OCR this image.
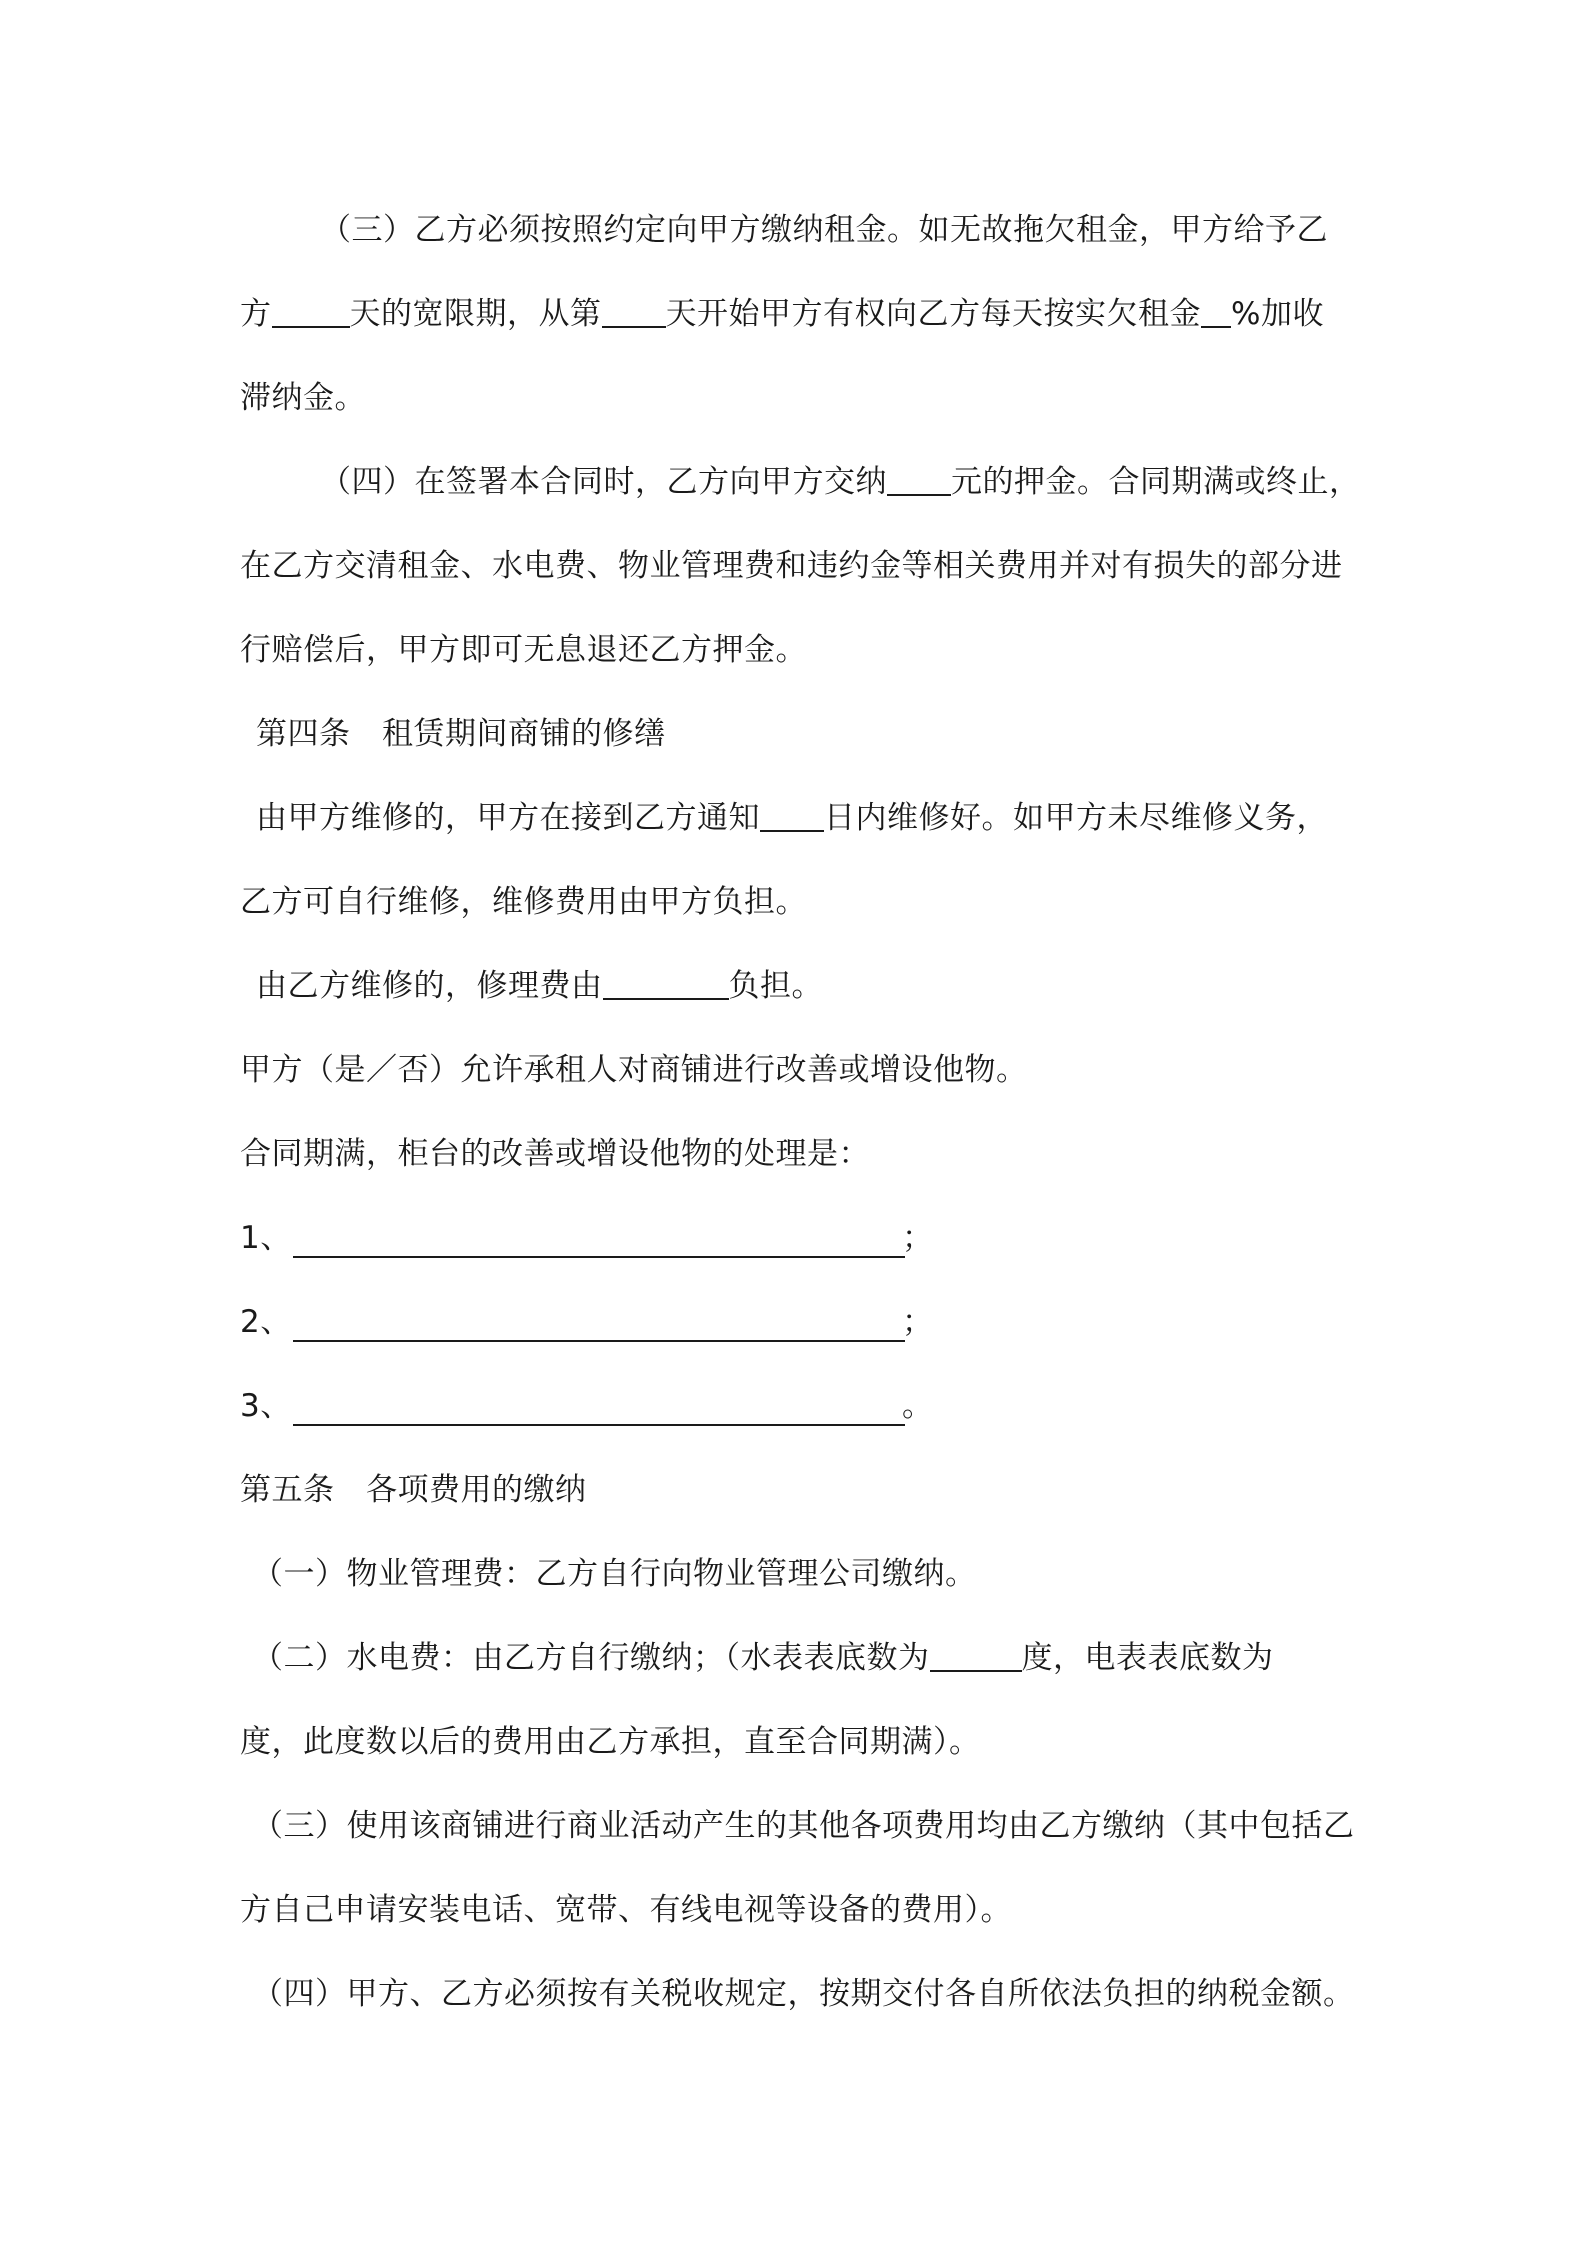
（三）乙方必须按照约定向甲方缴纳租金。如无故拖欠租金，甲方给予乙
方	天的宽限期，从第 天开始甲方有权向乙方每天按实欠租金 %加收
滞纳金。
（四）在签署本合同时，乙方向甲方交纳 元的押金。合同期满或终止，
在乙方交清租金、水电费、物业管理费和违约金等相关费用并对有损失的部分进
行赔偿后，甲方即可无息退还乙方押金。
第四条　租赁期间商铺的修缮
由甲方维修的，甲方在接到乙方通知 日内维修好。如甲方未尽维修义务，
乙方可自行维修，维修费用由甲方负担。
由乙方维修的，修理费由	负担。
甲方（是／否）允许承租人对商铺进行改善或增设他物。
合同期满，柜台的改善或增设他物的处理是：
1、	；
2、	；
3、	。
第五条　各项费用的缴纳
（一）物业管理费：乙方自行向物业管理公司缴纳。
（二）水电费：由乙方自行缴纳；（水表表底数为	度，电表表底数为
度，此度数以后的费用由乙方承担，直至合同期满）。
（三）使用该商铺进行商业活动产生的其他各项费用均由乙方缴纳（其中包括乙
方自己申请安装电话、宽带、有线电视等设备的费用）。
（四）甲方、乙方必须按有关税收规定，按期交付各自所依法负担的纳税金额。
